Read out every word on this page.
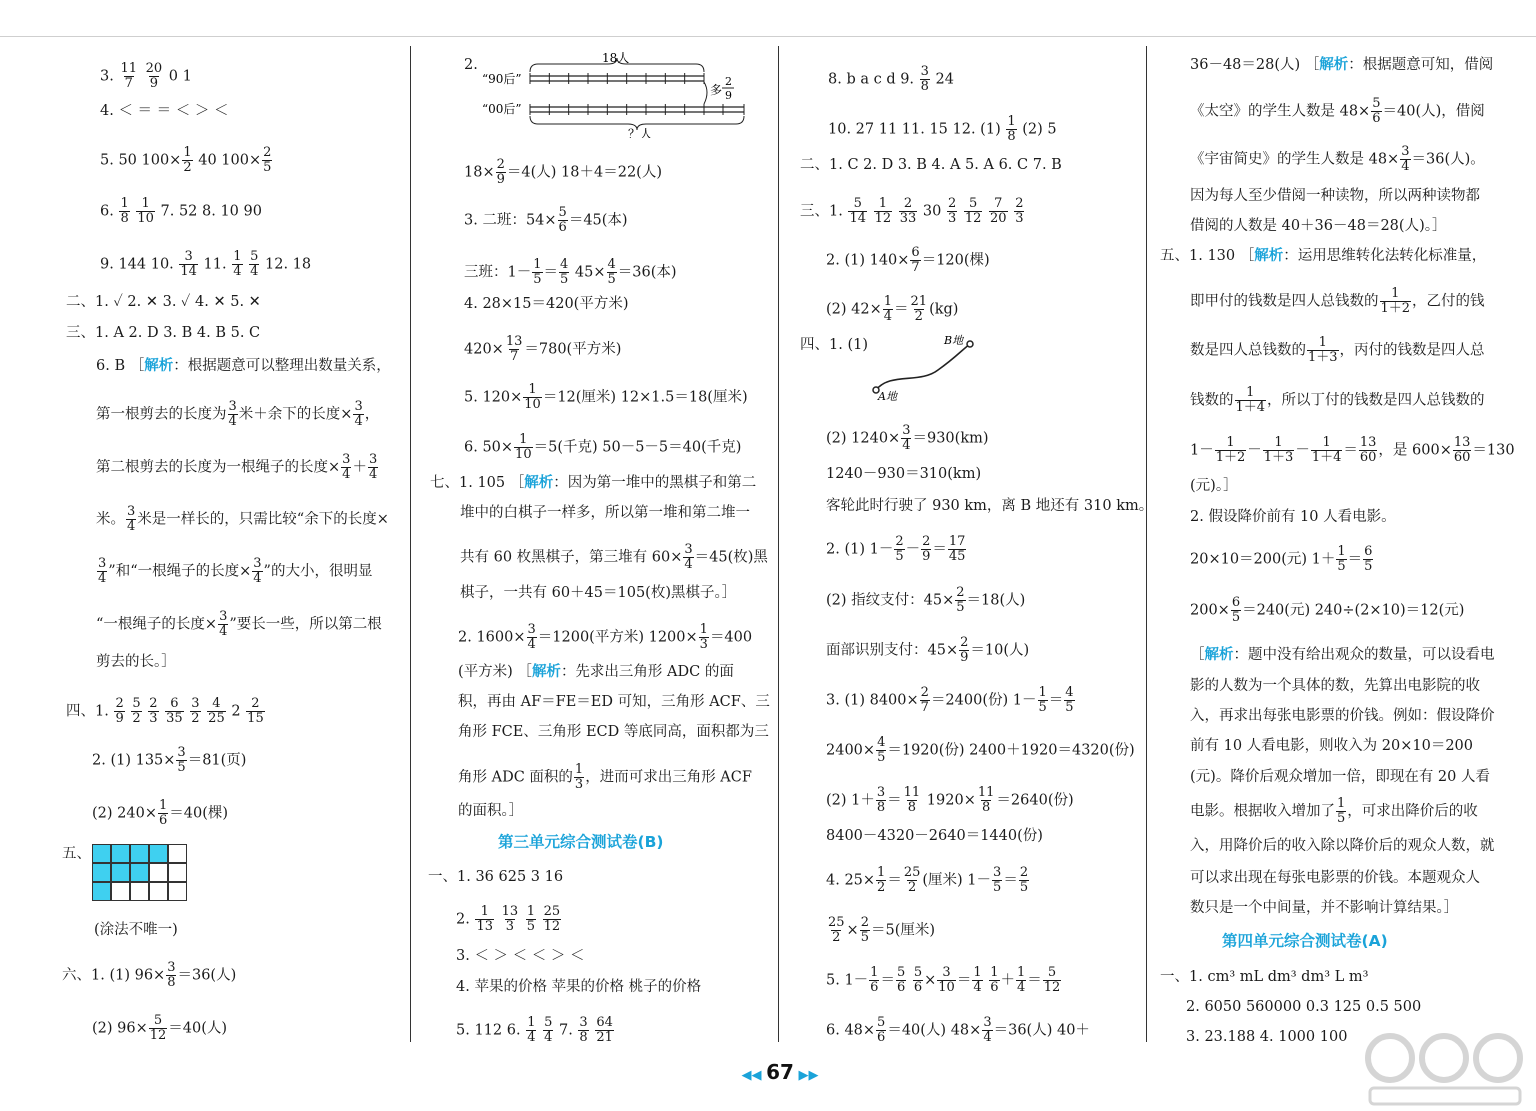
3. $\frac{11}{7}$
$\frac{20}{9} 0$ 1
4. ＜ ＝ ＝ ＜ ＞ ＜
5. 50 $100\times \frac{1}{2} 40$ $100\times \frac{2}{5}$
6. $\frac{1}{8}$
$\frac{1}{10} 7$. 52 8. 10 90
9. 144 10. $\frac{3}{14} 11$. $\frac{1}{4}$
$\frac{5}{4} 12$. 18
二、1. ✓ 2. ✕ 3. ✓ 4. ✕ 5. ✕
三、1. A 2. D 3. B 4. B 5. C
6. B ［解析：根据题意可以整理出数量关系，
第一根剪去的长度为 $\frac{3}{4}$ 米＋余下的长度× $\frac{3}{4}$ ，
第二根剪去的长度为一根绳子的长度× $\frac{3}{4} + \frac{3}{4}$
米。 $\frac{3}{4}$ 米是一样长的，只需比较“余下的长度×
$\frac{3}{4}$ ”和“一根绳子的长度× $\frac{3}{4}$ ”的大小，很明显
“一根绳子的长度× $\frac{3}{4}$ ”要长一些，所以第二根
剪去的长。］
四、1. $\frac{2}{9}$
$\frac{5}{2}$
$\frac{2}{3}$
$\frac{6}{35}$
$\frac{3}{2}$
$\frac{4}{25} 2 \frac{2}{15}$
2. (1) $135\times \frac{3}{5} =81$(页)
(2) $240\times \frac{1}{6} =40$(棵)
五、
(涂法不唯一)
六、1. (1) $96\times \frac{3}{8} =36$(人)
(2) $96\times \frac{5}{12} =40$(人)
2.
$18\times \frac{2}{9} =4$(人) 18＋4＝22(人)
3. 二班：$54\times \frac{5}{6} =45$(本)
三班：$1- \frac{1}{5} = \frac{4}{5} 45\times \frac{4}{5} =36$(本)
4. 28×15＝420(平方米)
$420\times \frac{13}{7} =780$(平方米)
5. $120\times \frac{1}{10} =12$(厘米) 12×1.5＝18(厘米)
6. $50\times \frac{1}{10} =5$(千克) 50－5－5＝40(千克)
七、1. 105 ［解析：因为第一堆中的黑棋子和第二
堆中的白棋子一样多，所以第一堆和第二堆一
共有 60 枚黑棋子，第三堆有 $60\times \frac{3}{4} =45$(枚)黑
棋子，一共有 60＋45＝105(枚)黑棋子。］
2. $1600\times \frac{3}{4} =1200$(平方米) $1200\times \frac{1}{3} =400$
(平方米) ［解析：先求出三角形 ADC 的面
积，再由 AF＝FE＝ED 可知，三角形 ACF、三
角形 FCE、三角形 ECD 等底同高，面积都为三
角形 ADC 面积的 $\frac{1}{3}$ ，进而可求出三角形 ACF
的面积。］
一、1. 36 625 3 16
2. $\frac{1}{13}$
$\frac{13}{3}$
$\frac{1}{5}$
$\frac{25}{12}$
3. ＜ ＞ ＜ ＜ ＞ ＜
4. 苹果的价格 苹果的价格 桃子的价格
5. 112 6. $\frac{1}{4}$
$\frac{5}{4} 7$. $\frac{3}{8}$
$\frac{64}{21}$
8. b a c d 9. $\frac{3}{8} 24$
10. 27 11 11. 15 12. $(1) \frac{1}{8} (2)$ 5
二、1. C 2. D 3. B 4. A 5. A 6. C 7. B
三、1. $\frac{5}{14}$
$\frac{1}{12}$
$\frac{2}{33} 30 \frac{2}{3}$
$\frac{5}{12}$
$\frac{7}{20}$
$\frac{2}{3}$
2. (1) $140\times \frac{6}{7} =120$(棵)
(2) $42\times \frac{1}{4} = \frac{21}{2} (kg)$
四、1. (1)
(2) $1240\times \frac{3}{4} =930(km)$
1240－930＝310(km)
客轮此时行驶了 930 km，离 B 地还有 310 km。
2. (1) $1- \frac{2}{5} - \frac{2}{9} = \frac{17}{45}$
(2) 指纹支付：$45\times \frac{2}{5} =18$(人)
面部识别支付：$45\times \frac{2}{9} =10$(人)
3. (1) $8400\times \frac{2}{7} =2400$(份) $1- \frac{1}{5} = \frac{4}{5}$
$2400\times \frac{4}{5} =1920$(份) 2400＋1920＝4320(份)
(2) $1+ \frac{3}{8} = \frac{11}{8} 1920\times \frac{11}{8} =2640$(份)
8400－4320－2640＝1440(份)
4. $25\times \frac{1}{2} = \frac{25}{2}$ (厘米) $1- \frac{3}{5} = \frac{2}{5}$
$\frac{25}{2} \times \frac{2}{5} =5$(厘米)
5. $1- \frac{1}{6} = \frac{5}{6}$
$\frac{5}{6} \times \frac{3}{10} = \frac{1}{4}$
$\frac{1}{6} + \frac{1}{4} = \frac{5}{12}$
6. $48\times \frac{5}{6} =40$(人) $48\times \frac{3}{4} =36$(人) 40＋
36－48＝28(人) ［解析：根据题意可知，借阅
《太空》的学生人数是 $48\times \frac{5}{6} =40$(人)，借阅
《宇宙简史》的学生人数是 $48\times \frac{3}{4} =36$(人)。
因为每人至少借阅一种读物，所以两种读物都
借阅的人数是 40＋36－48＝28(人)。］
五、1. 130 ［解析：运用思维转化法转化标准量，
即甲付的钱数是四人总钱数的 $\frac{1}{1+2}$ ，乙付的钱
数是四人总钱数的 $\frac{1}{1+3}$ ，丙付的钱数是四人总
钱数的 $\frac{1}{1+4}$ ，所以丁付的钱数是四人总钱数的
$1- \frac{1}{1+2} - \frac{1}{1+3} - \frac{1}{1+4} = \frac{13}{60}$ ，是 $600\times \frac{13}{60} =130$
(元)。］
2. 假设降价前有 10 人看电影。
20×10＝200(元) $1+ \frac{1}{5} = \frac{6}{5}$
$200\times \frac{6}{5} =240$(元) 240÷(2×10)＝12(元)
［解析：题中没有给出观众的数量，可以设看电
影的人数为一个具体的数，先算出电影院的收
入，再求出每张电影票的价钱。例如：假设降价
前有 10 人看电影，则收入为 20×10＝200
(元)。降价后观众增加一倍，即现在有 20 人看
电影。根据收入增加了 $\frac{1}{5}$ ，可求出降价后的收
入，用降价后的收入除以降价后的观众人数，就
可以求出现在每张电影票的价钱。本题观众人
数只是一个中间量，并不影响计算结果。］
一、1. cm³ mL dm³ dm³ L m³
2. 6050 560000 0.3 125 0.5 500
3. 23.188 4. 1000 100
第三单元综合测试卷(B)
第四单元综合测试卷(A)
“90后”
“00后”
18人
？人
多
2
9
A地
B地
◀◀ 67 ▶▶
